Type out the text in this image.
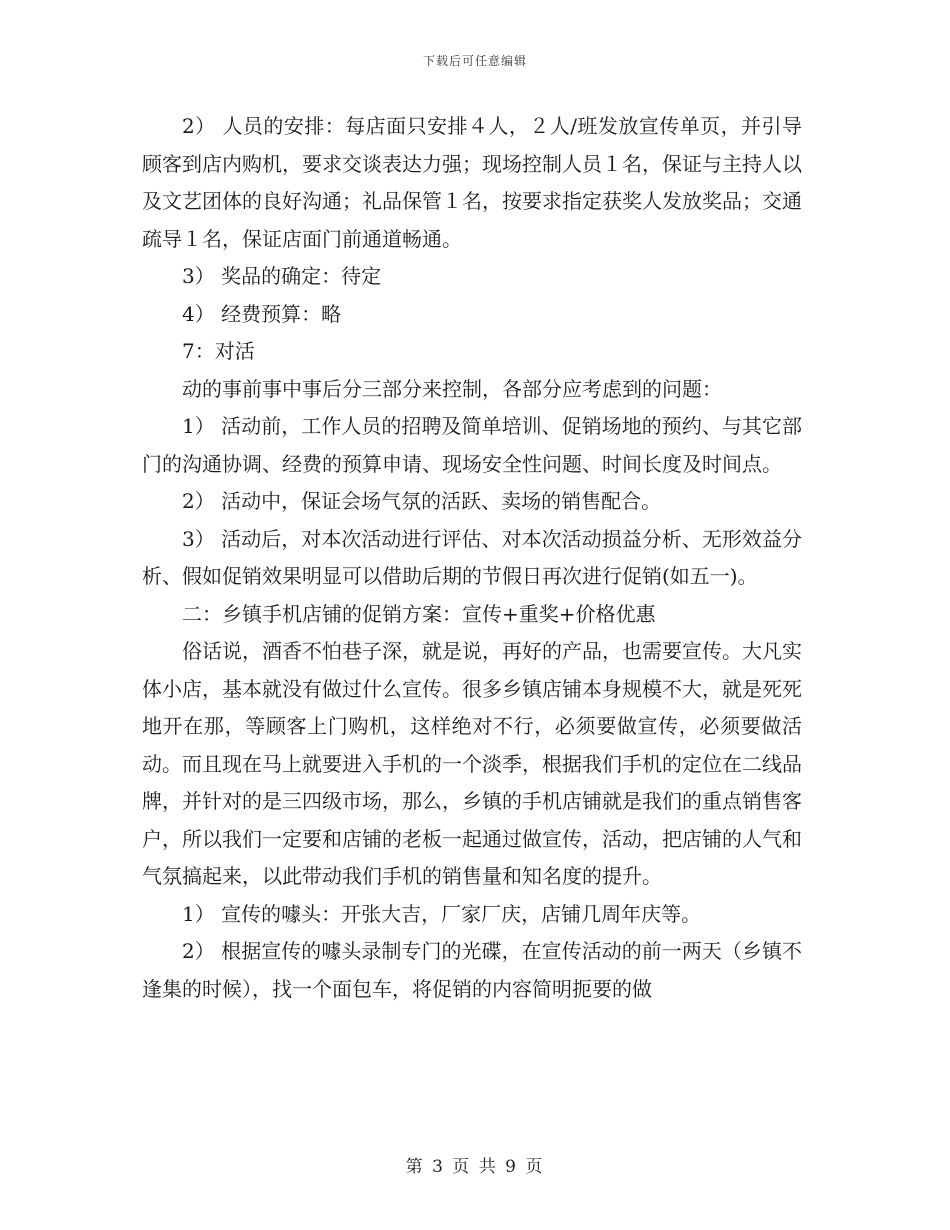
下载后可任意编辑

2） 人员的安排：每店面只安排４人，２人/班发放宣传单页，并引导顾客到店内购机，要求交谈表达力强；现场控制人员１名，保证与主持人以及文艺团体的良好沟通；礼品保管１名，按要求指定获奖人发放奖品；交通疏导１名，保证店面门前通道畅通。

3） 奖品的确定：待定

4） 经费预算：略

7：对活

动的事前事中事后分三部分来控制，各部分应考虑到的问题：

1） 活动前，工作人员的招聘及简单培训、促销场地的预约、与其它部门的沟通协调、经费的预算申请、现场安全性问题、时间长度及时间点。

2） 活动中，保证会场气氛的活跃、卖场的销售配合。

3） 活动后，对本次活动进行评估、对本次活动损益分析、无形效益分析、假如促销效果明显可以借助后期的节假日再次进行促销(如五一)。

二：乡镇手机店铺的促销方案：宣传+重奖+价格优惠

俗话说，酒香不怕巷子深，就是说，再好的产品，也需要宣传。大凡实体小店，基本就没有做过什么宣传。很多乡镇店铺本身规模不大，就是死死地开在那，等顾客上门购机，这样绝对不行，必须要做宣传，必须要做活动。而且现在马上就要进入手机的一个淡季，根据我们手机的定位在二线品牌，并针对的是三四级市场，那么，乡镇的手机店铺就是我们的重点销售客户，所以我们一定要和店铺的老板一起通过做宣传，活动，把店铺的人气和气氛搞起来，以此带动我们手机的销售量和知名度的提升。

1） 宣传的噱头：开张大吉，厂家厂庆，店铺几周年庆等。

2） 根据宣传的噱头录制专门的光碟，在宣传活动的前一两天（乡镇不逢集的时候），找一个面包车，将促销的内容简明扼要的做

第 3 页 共 9 页
